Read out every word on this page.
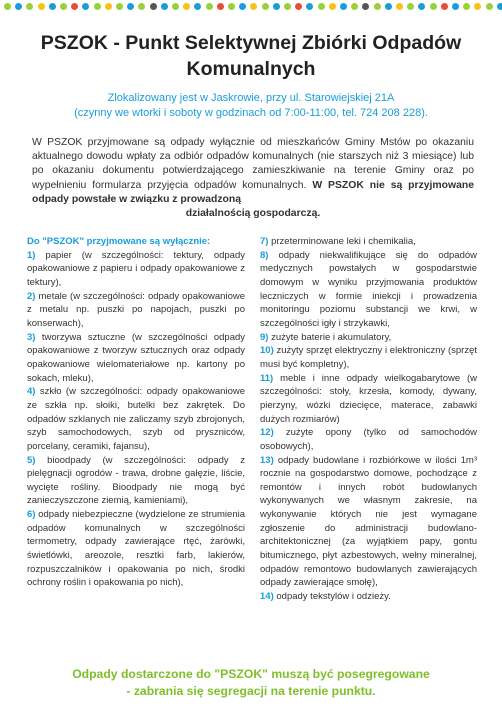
PSZOK - Punkt Selektywnej Zbiórki Odpadów Komunalnych
Zlokalizowany jest w Jaskrowie, przy ul. Starowiejskiej 21A
(czynny we wtorki i soboty w godzinach od 7:00-11:00, tel. 724 208 228).
W PSZOK przyjmowane są odpady wyłącznie od mieszkańców Gminy Mstów po okazaniu aktualnego dowodu wpłaty za odbiór odpadów komunalnych (nie starszych niż 3 miesiące) lub po okazaniu dokumentu potwierdzającego zamieszkiwanie na terenie Gminy oraz po wypełnieniu formularza przyjęcia odpadów komunalnych. W PSZOK nie są przyjmowane odpady powstałe w związku z prowadzoną
działalnością gospodarczą.

Do "PSZOK" przyjmowane są wyłącznie:

1) papier (w szczególności: tektury, odpady opakowaniowe z papieru i odpady opakowaniowe z tektury),

2) metale (w szczególności: odpady opakowaniowe z metalu np. puszki po napojach, puszki po konserwach),

3) tworzywa sztuczne (w szczególności odpady opakowaniowe z tworzyw sztucznych oraz odpady opakowaniowe wielomateriałowe np. kartony po sokach, mleku),

4) szkło (w szczególności: odpady opakowaniowe ze szkła np. słoiki, butelki bez zakrętek. Do odpadów szklanych nie zaliczamy szyb zbrojonych, szyb samochodowych, szyb od pryszniców, porcelany, ceramiki, fajansu),

5) bioodpady (w szczególności: odpady z pielęgnacji ogrodów - trawa, drobne gałęzie, liście, wycięte rośliny. Bioodpady nie mogą być zanieczyszczone ziemią, kamieniami),

6) odpady niebezpieczne (wydzielone ze strumienia odpadów komunalnych w szczególności termometry, odpady zawierające rtęć, żarówki, świetlówki, areozole, resztki farb, lakierów, rozpuszczalników i opakowania po nich, środki ochrony roślin i opakowania po nich),

7) przeterminowane leki i chemikalia,

8) odpady niekwalifikujące się do odpadów medycznych powstałych w gospodarstwie domowym w wyniku przyjmowania produktów leczniczych w formie iniekcji i prowadzenia monitoringu poziomu substancji we krwi, w szczególności igły i strzykawki,

9) zużyte baterie i akumulatory,

10) zużyty sprzęt elektryczny i elektroniczny (sprzęt musi być kompletny),

11) meble i inne odpady wielkogabarytowe (w szczególności: stoły, krzesła, komody, dywany, pierzyny, wózki dziecięce, materace, zabawki dużych rozmiarów)

12) zużyte opony (tylko od samochodów osobowych),

13) odpady budowlane i rozbiórkowe w ilości 1m³ rocznie na gospodarstwo domowe, pochodzące z remontów i innych robót budowlanych wykonywanych we własnym zakresie, na wykonywanie których nie jest wymagane zgłoszenie do administracji budowlano-architektonicznej (za wyjątkiem papy, gontu bitumicznego, płyt azbestowych, wełny mineralnej, odpadów remontowo budowlanych zawierających odpady zawierające smołę),

14) odpady tekstylów i odzieży.

Odpady dostarczone do "PSZOK" muszą być posegregowane
- zabrania się segregacji na terenie punktu.
